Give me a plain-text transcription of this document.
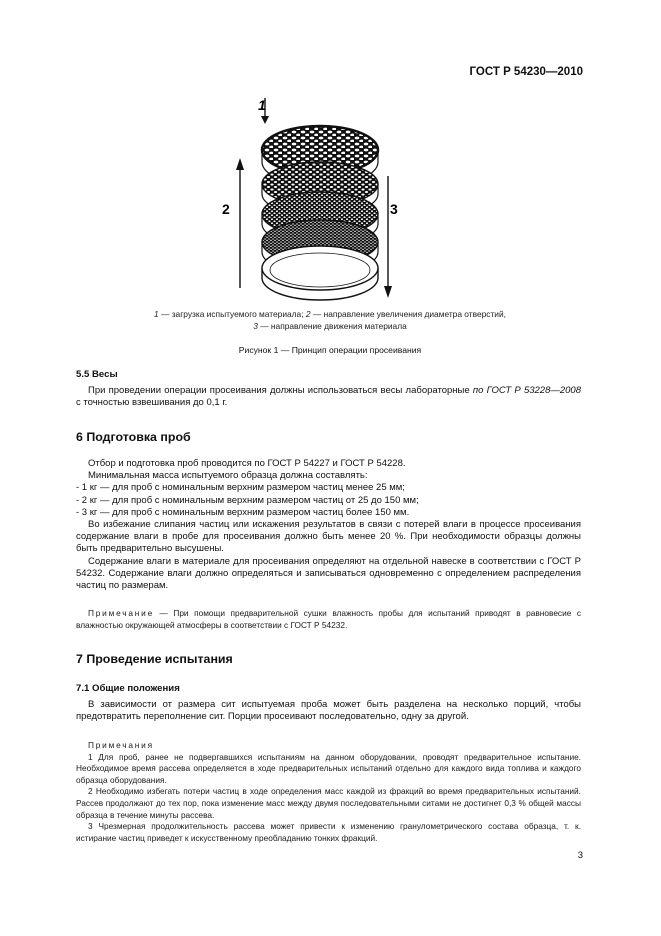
ГОСТ Р 54230—2010
1
2	3
1 — загрузка испытуемого материала; 2 — направление увеличения диаметра отверстий,
3 — направление движения материала
Рисунок 1 — Принцип операции просеивания
5.5 Весы
При проведении операции просеивания должны использоваться весы лабораторные по ГОСТ Р 53228—2008 с точностью взвешивания до 0,1 г.
6 Подготовка проб
Отбор и подготовка проб проводится по ГОСТ Р 54227 и ГОСТ Р 54228.
Минимальная масса испытуемого образца должна составлять:
- 1 кг — для проб с номинальным верхним размером частиц менее 25 мм;
- 2 кг — для проб с номинальным верхним размером частиц от 25 до 150 мм;
- 3 кг — для проб с номинальным верхним размером частиц более 150 мм.
Во избежание слипания частиц или искажения результатов в связи с потерей влаги в процессе просеивания содержание влаги в пробе для просеивания должно быть менее 20 %. При необходимости образцы должны быть предварительно высушены.
Содержание влаги в материале для просеивания определяют на отдельной навеске в соответствии с ГОСТ Р 54232. Содержание влаги должно определяться и записываться одновременно с определением распределения частиц по размерам.
Примечание — При помощи предварительной сушки влажность пробы для испытаний приводят в равновесие с влажностью окружающей атмосферы в соответствии с ГОСТ Р 54232.
7 Проведение испытания
7.1 Общие положения
В зависимости от размера сит испытуемая проба может быть разделена на несколько порций, чтобы предотвратить переполнение сит. Порции просеивают последовательно, одну за другой.
Примечания
1 Для проб, ранее не подвергавшихся испытаниям на данном оборудовании, проводят предварительное испытание. Необходимое время рассева определяется в ходе предварительных испытаний отдельно для каждого вида топлива и каждого образца оборудования.
2 Необходимо избегать потери частиц в ходе определения масс каждой из фракций во время предварительных испытаний. Рассев продолжают до тех пор, пока изменение масс между двумя последовательными ситами не достигнет 0,3 % общей массы образца в течение минуты рассева.
3 Чрезмерная продолжительность рассева может привести к изменению гранулометрического состава образца, т. к. истирание частиц приведет к искусственному преобладанию тонких фракций.
3
